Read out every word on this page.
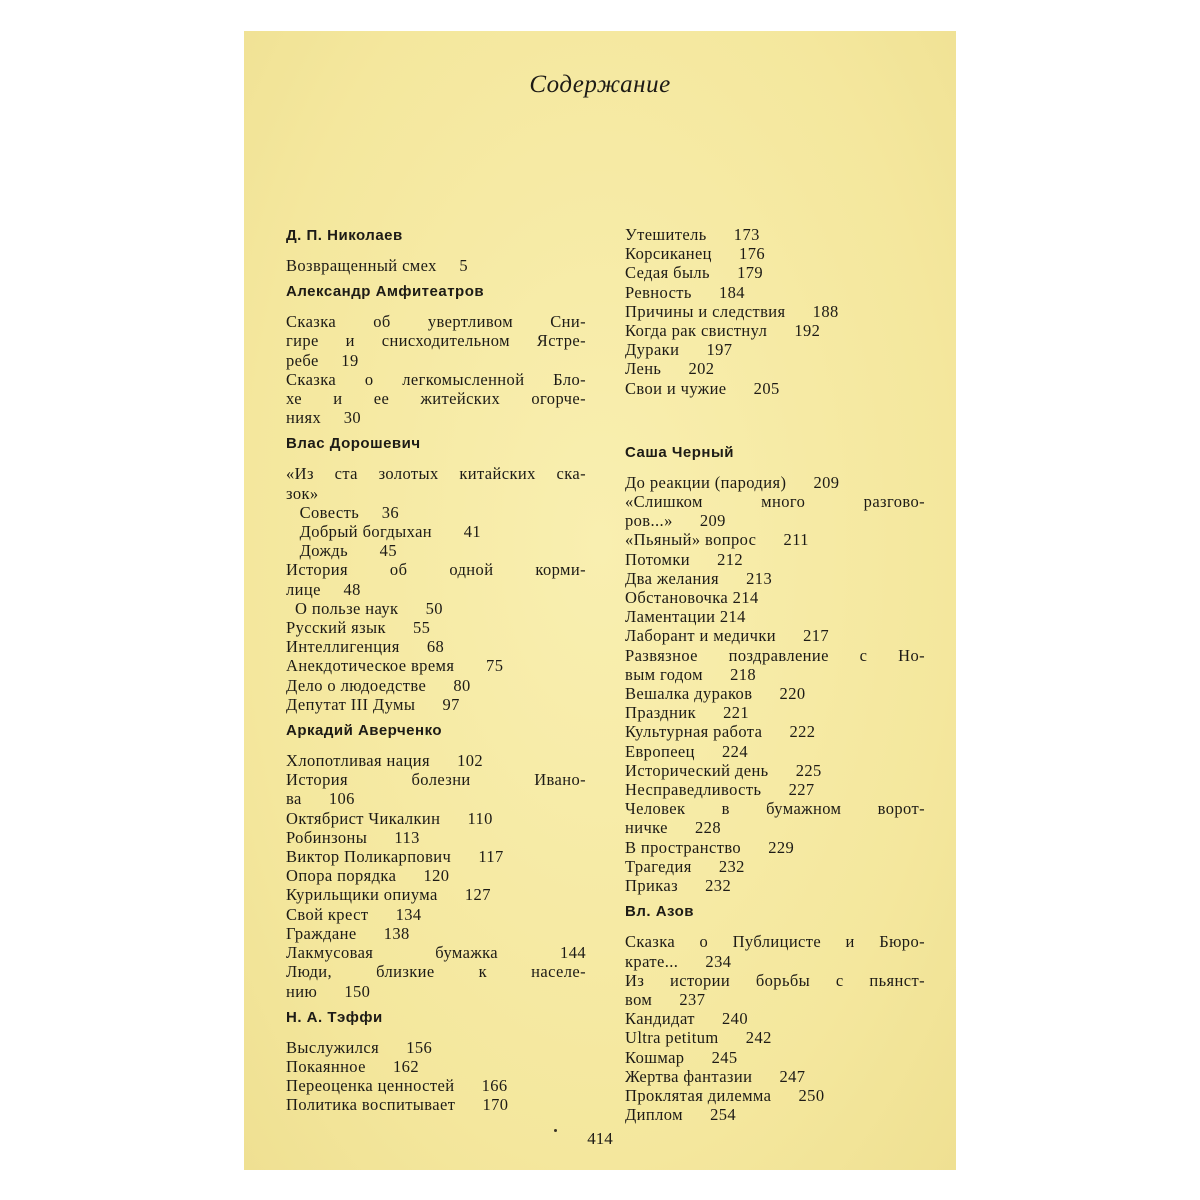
Содержание
Д. П. Николаев
Возвращенный смех     5
Александр Амфитеатров
Сказка об увертливом Сни-
гире и снисходительном Ястре-
ребе     19
Сказка о легкомысленной Бло-
хе и ее житейских огорче-
ниях     30
Влас Дорошевич
«Из ста золотых китайских ска-
зок»
Совесть     36
Добрый богдыхан       41
Дождь       45
История об одной корми-
лице     48
О пользе наук      50
Русский язык      55
Интеллигенция      68
Анекдотическое время       75
Дело о людоедстве      80
Депутат III Думы      97
Аркадий Аверченко
Хлопотливая нация      102
История болезни Ивано-
ва      106
Октябрист Чикалкин      110
Робинзоны      113
Виктор Поликарпович      117
Опора порядка      120
Курильщики опиума      127
Свой крест      134
Граждане      138
Лакмусовая бумажка 144
Люди, близкие к населе-
нию      150
Н. А. Тэффи
Выслужился      156
Покаянное      162
Переоценка ценностей      166
Политика воспитывает      170
Утешитель      173
Корсиканец      176
Седая быль      179
Ревность      184
Причины и следствия      188
Когда рак свистнул      192
Дураки      197
Лень      202
Свои и чужие      205
Саша Черный
До реакции (пародия)      209
«Слишком много разгово-
ров...»      209
«Пьяный» вопрос      211
Потомки      212
Два желания      213
Обстановочка 214
Ламентации 214
Лаборант и медички      217
Развязное поздравление с Но-
вым годом      218
Вешалка дураков      220
Праздник      221
Культурная работа      222
Европеец      224
Исторический день      225
Несправедливость      227
Человек в бумажном ворот-
ничке      228
В пространство      229
Трагедия      232
Приказ      232
Вл. Азов
Сказка о Публицисте и Бюро-
крате...      234
Из истории борьбы с пьянст-
вом      237
Кандидат      240
Ultra petitum      242
Кошмар      245
Жертва фантазии      247
Проклятая дилемма      250
Диплом      254
414
